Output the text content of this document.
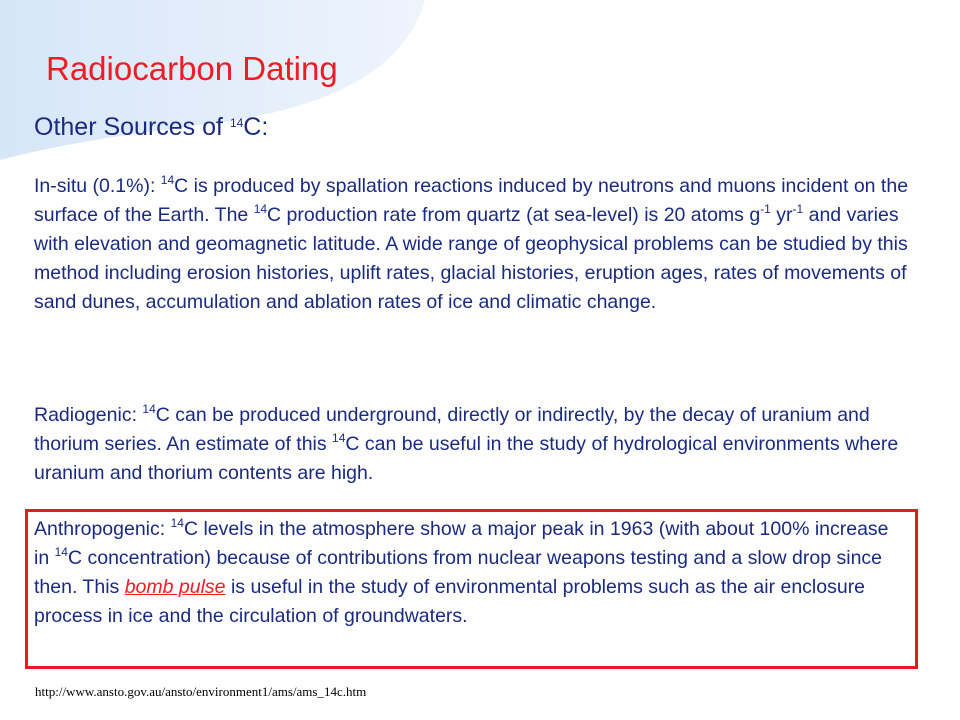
Radiocarbon Dating
Other Sources of $^{14}$C:
In-situ (0.1%): $^{14}$C is produced by spallation reactions induced by neutrons and muons incident on the surface of the Earth. The $^{14}$C production rate from quartz (at sea-level) is 20 atoms $g^{-1}$ $yr^{-1}$ and varies with elevation and geomagnetic latitude. A wide range of geophysical problems can be studied by this method including erosion histories, uplift rates, glacial histories, eruption ages, rates of movements of sand dunes, accumulation and ablation rates of ice and climatic change.
Radiogenic: $^{14}$C can be produced underground, directly or indirectly, by the decay of uranium and thorium series. An estimate of this $^{14}$C can be useful in the study of hydrological environments where uranium and thorium contents are high.
Anthropogenic: $^{14}$C levels in the atmosphere show a major peak in 1963 (with about 100% increase in $^{14}$C concentration) because of contributions from nuclear weapons testing and a slow drop since then. This bomb pulse is useful in the study of environmental problems such as the air enclosure process in ice and the circulation of groundwaters.
http://www.ansto.gov.au/ansto/environment1/ams/ams_14c.htm
